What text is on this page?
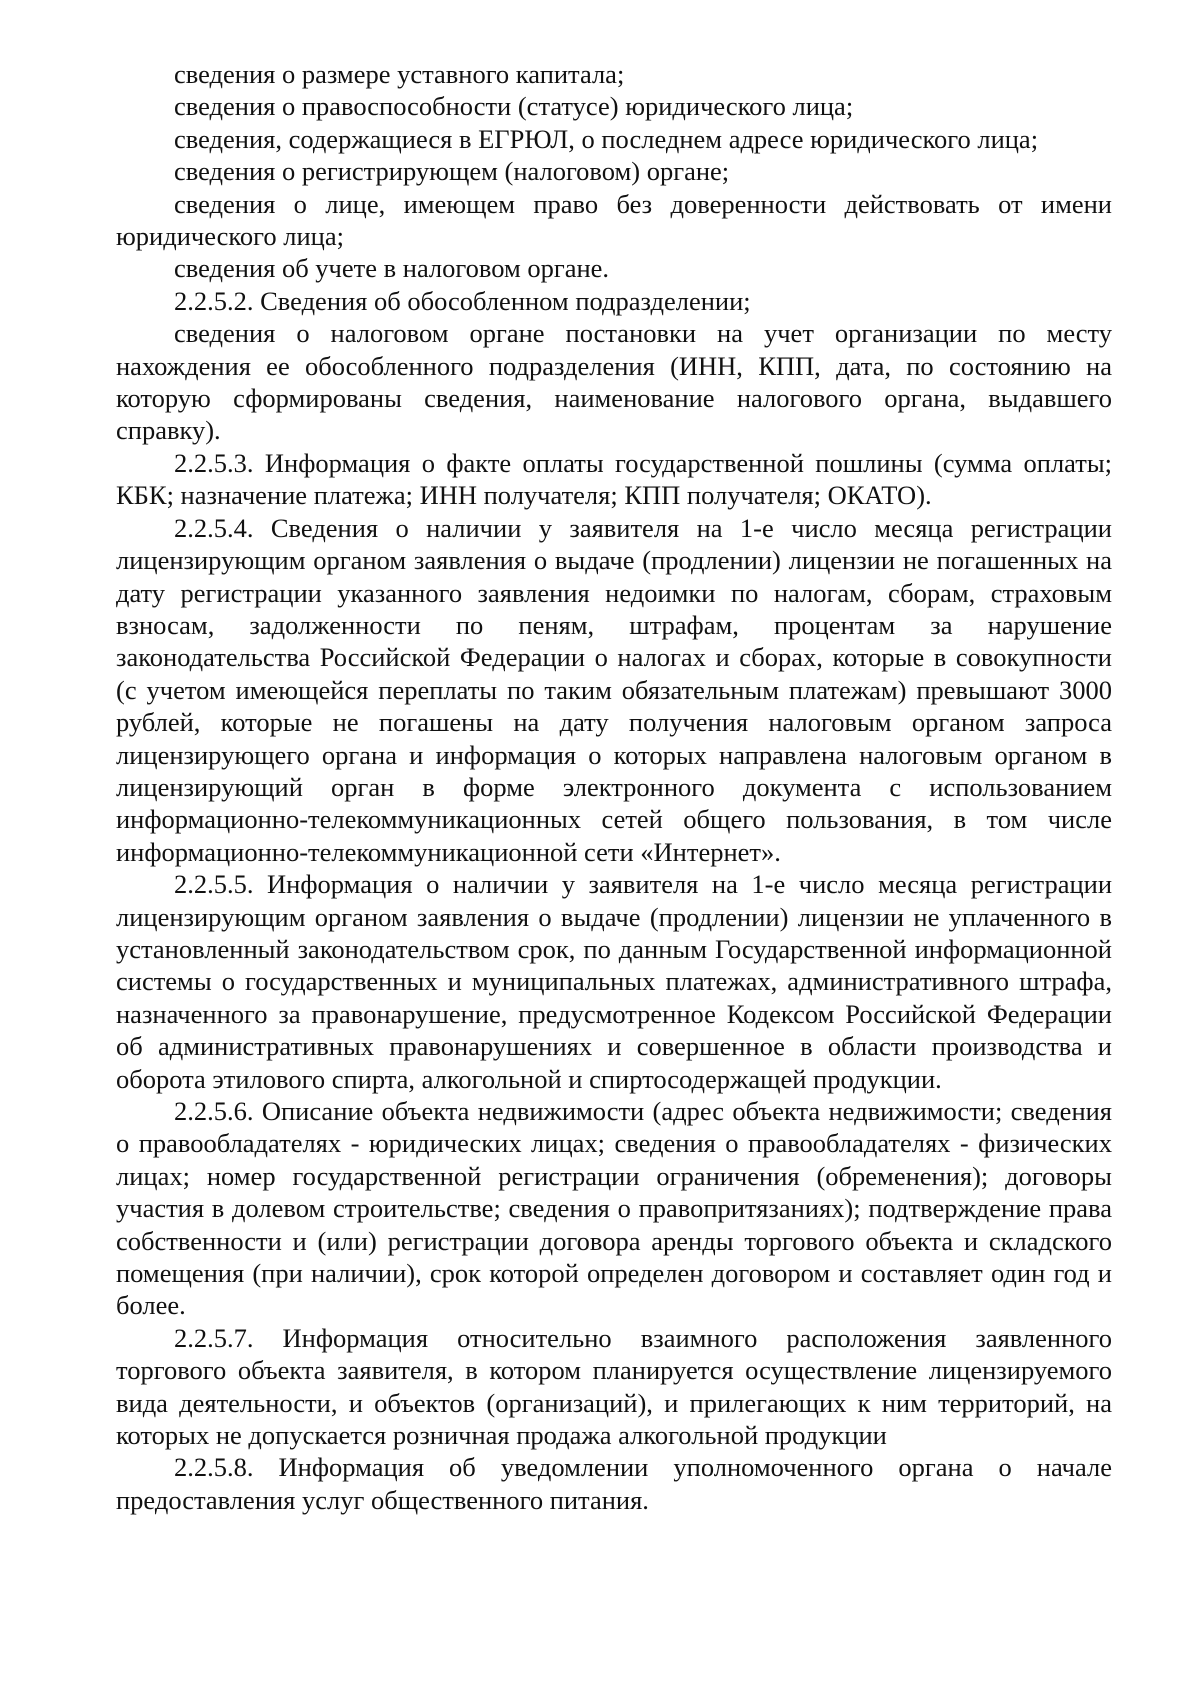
сведения о размере уставного капитала;

сведения о правоспособности (статусе) юридического лица;

сведения, содержащиеся в ЕГРЮЛ, о последнем адресе юридического лица;

сведения о регистрирующем (налоговом) органе;

сведения о лице, имеющем право без доверенности действовать от имени юридического лица;

сведения об учете в налоговом органе.

2.2.5.2. Сведения об обособленном подразделении;

сведения о налоговом органе постановки на учет организации по месту нахождения ее обособленного подразделения (ИНН, КПП, дата, по состоянию на которую сформированы сведения, наименование налогового органа, выдавшего справку).

2.2.5.3. Информация о факте оплаты государственной пошлины (сумма оплаты; КБК; назначение платежа; ИНН получателя; КПП получателя; ОКАТО).

2.2.5.4. Сведения о наличии у заявителя на 1-е число месяца регистрации лицензирующим органом заявления о выдаче (продлении) лицензии не погашенных на дату регистрации указанного заявления недоимки по налогам, сборам, страховым взносам, задолженности по пеням, штрафам, процентам за нарушение законодательства Российской Федерации о налогах и сборах, которые в совокупности (с учетом имеющейся переплаты по таким обязательным платежам) превышают 3000 рублей, которые не погашены на дату получения налоговым органом запроса лицензирующего органа и информация о которых направлена налоговым органом в лицензирующий орган в форме электронного документа с использованием информационно-телекоммуникационных сетей общего пользования, в том числе информационно-телекоммуникационной сети «Интернет».

2.2.5.5. Информация о наличии у заявителя на 1-е число месяца регистрации лицензирующим органом заявления о выдаче (продлении) лицензии не уплаченного в установленный законодательством срок, по данным Государственной информационной системы о государственных и муниципальных платежах, административного штрафа, назначенного за правонарушение, предусмотренное Кодексом Российской Федерации об административных правонарушениях и совершенное в области производства и оборота этилового спирта, алкогольной и спиртосодержащей продукции.

2.2.5.6. Описание объекта недвижимости (адрес объекта недвижимости; сведения о правообладателях - юридических лицах; сведения о правообладателях - физических лицах; номер государственной регистрации ограничения (обременения); договоры участия в долевом строительстве; сведения о правопритязаниях); подтверждение права собственности и (или) регистрации договора аренды торгового объекта и складского помещения (при наличии), срок которой определен договором и составляет один год и более.

2.2.5.7. Информация относительно взаимного расположения заявленного торгового объекта заявителя, в котором планируется осуществление лицензируемого вида деятельности, и объектов (организаций), и прилегающих к ним территорий, на которых не допускается розничная продажа алкогольной продукции

2.2.5.8. Информация об уведомлении уполномоченного органа о начале предоставления услуг общественного питания.
